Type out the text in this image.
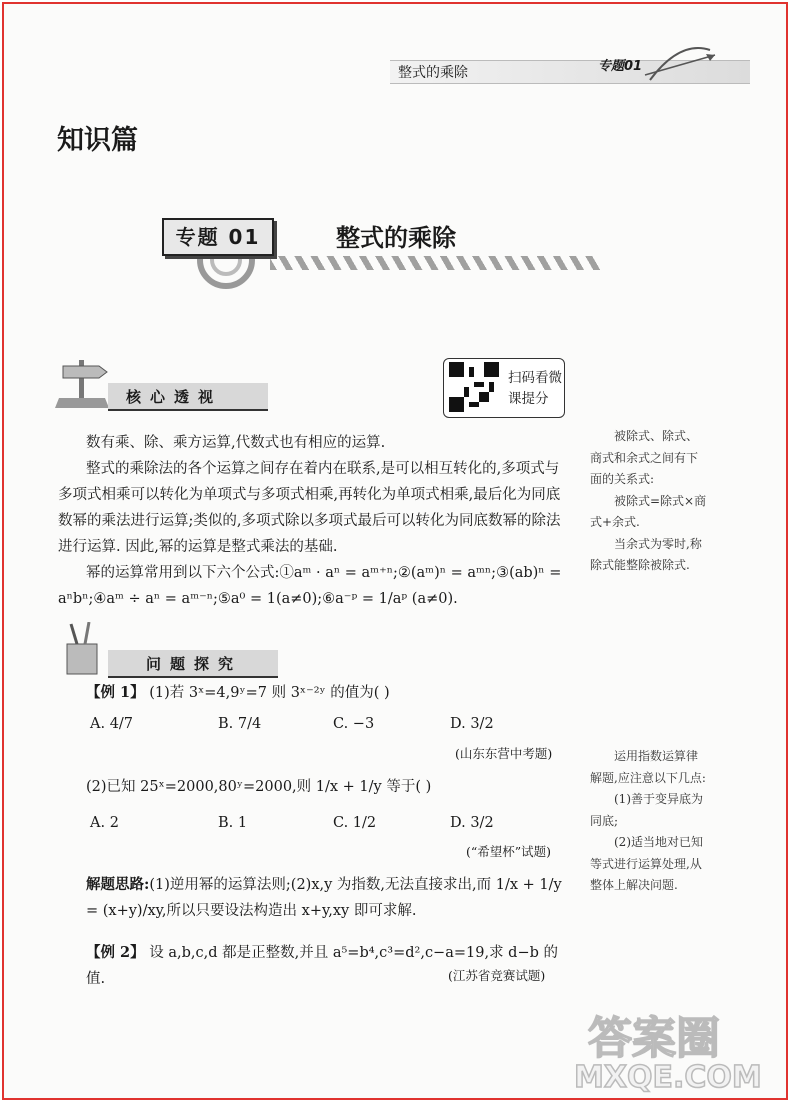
整式的乘除	专题01
知识篇
专题 01	整式的乘除
核心透视
扫码看微课提分
数有乘、除、乘方运算,代数式也有相应的运算.
整式的乘除法的各个运算之间存在着内在联系,是可以相互转化的,多项式与多项式相乘可以转化为单项式与多项式相乘,再转化为单项式相乘,最后化为同底数幂的乘法进行运算;类似的,多项式除以多项式最后可以转化为同底数幂的除法进行运算. 因此,幂的运算是整式乘法的基础.
幂的运算常用到以下六个公式:①aᵐ · aⁿ = aᵐ⁺ⁿ;②(aᵐ)ⁿ = aᵐⁿ;③(ab)ⁿ = aⁿbⁿ;④aᵐ ÷ aⁿ = aᵐ⁻ⁿ;⑤a⁰ = 1(a≠0);⑥a⁻ᵖ = 1/aᵖ (a≠0).
被除式、除式、商式和余式之间有下面的关系式:
被除式=除式×商式+余式.
当余式为零时,称除式能整除被除式.
问题探究
【例 1】 (1)若 3ˣ=4,9ʸ=7 则 3ˣ⁻²ʸ 的值为( )
A. 4/7	B. 7/4	C. −3	D. 3/2
(山东东营中考题)
(2)已知 25ˣ=2000,80ʸ=2000,则 1/x + 1/y 等于( )
A. 2	B. 1	C. 1/2	D. 3/2
(“希望杯”试题)
解题思路:(1)逆用幂的运算法则;(2)x,y 为指数,无法直接求出,而 1/x + 1/y = (x+y)/xy,所以只要设法构造出 x+y,xy 即可求解.
【例 2】 设 a,b,c,d 都是正整数,并且 a⁵=b⁴,c³=d²,c−a=19,求 d−b 的值.	(江苏省竞赛试题)
运用指数运算律解题,应注意以下几点:
(1)善于变异底为同底;
(2)适当地对已知等式进行运算处理,从整体上解决问题.
答案圈
MXQE.COM
